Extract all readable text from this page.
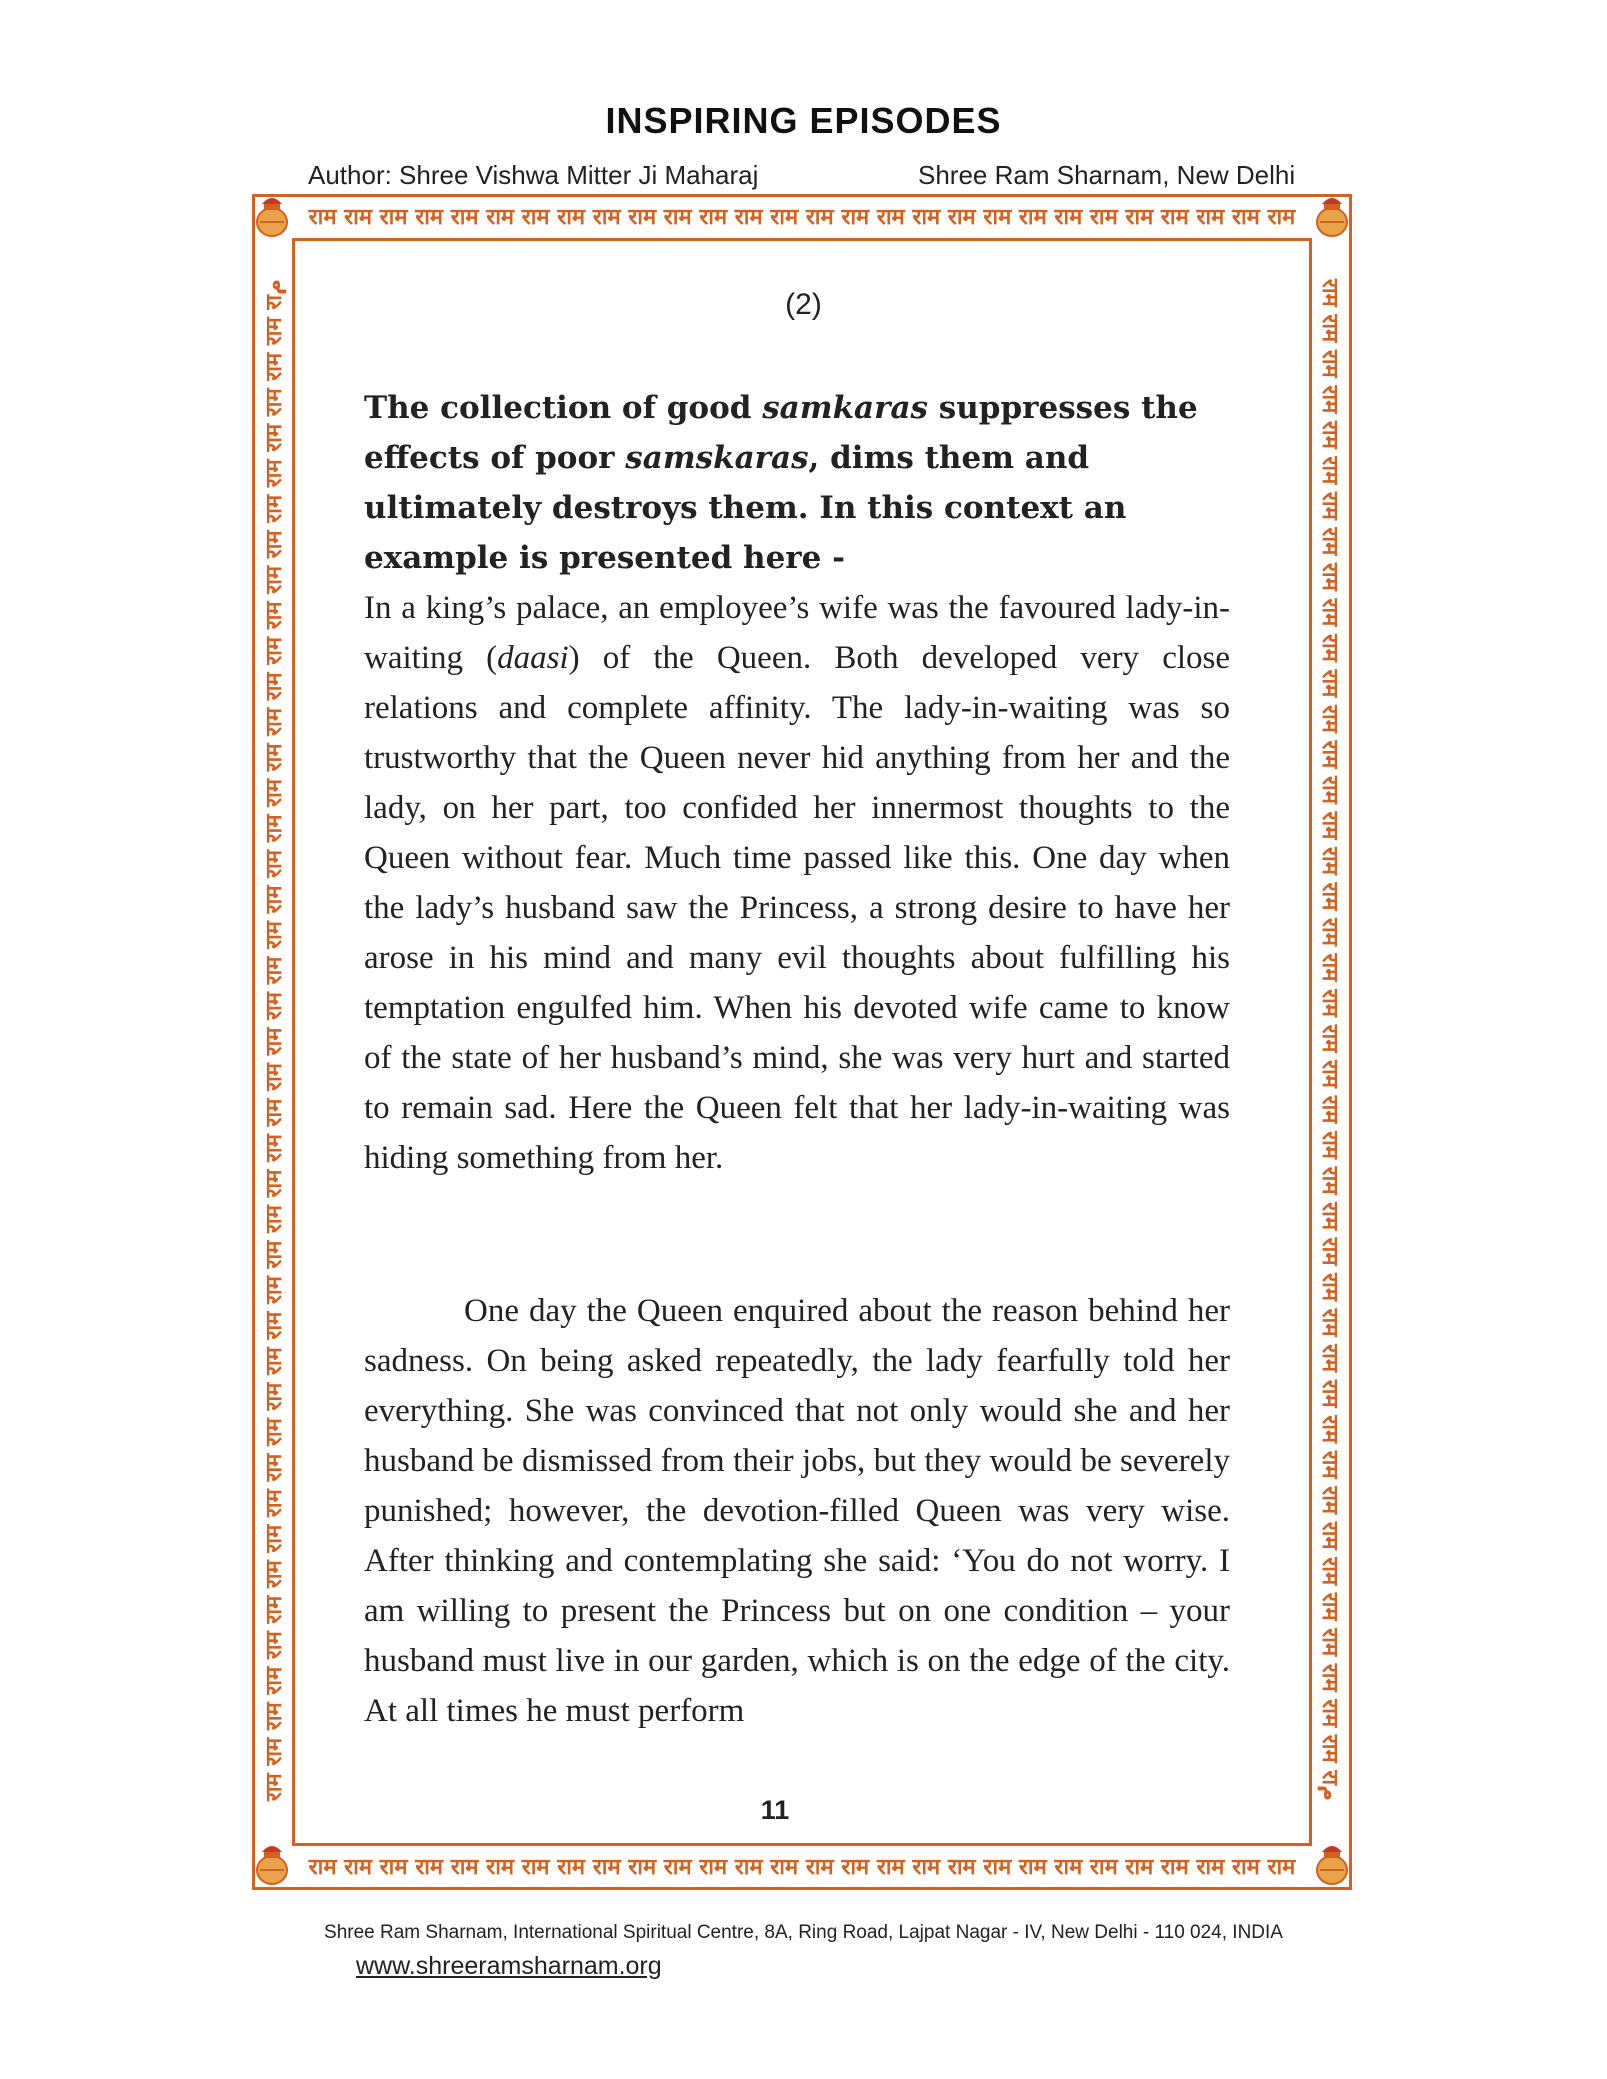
INSPIRING EPISODES
Author: Shree Vishwa Mitter Ji Maharaj	Shree Ram Sharnam, New Delhi
राम राम राम राम राम राम राम राम राम राम राम राम राम राम राम राम राम राम राम राम राम राम राम राम राम राम राम राम
राम राम राम राम राम राम राम राम राम राम राम राम राम राम राम राम राम राम राम राम राम राम राम राम राम राम राम राम
राम राम राम राम राम राम राम राम राम राम राम राम राम राम राम राम राम राम राम राम राम राम राम राम राम राम राम राम राम राम राम राम राम राम राम राम राम राम राम राम राम राम राم	राम राम राम राम राम राम राम राम राम राम राम राम राम राम राम राम राम राम राम राम राम राम राम राम राम राम राम राम राम राम राम राम राम राम राम राम राम राम राम राम राम राम राم
(2)

The collection of good samkaras suppresses the effects of poor samskaras, dims them and ultimately destroys them. In this context an example is presented here -

In a king’s palace, an employee’s wife was the favoured lady-in-waiting (daasi) of the Queen. Both developed very close relations and complete affinity. The lady-in-waiting was so trustworthy that the Queen never hid anything from her and the lady, on her part, too confided her innermost thoughts to the Queen without fear. Much time passed like this. One day when the lady’s husband saw the Princess, a strong desire to have her arose in his mind and many evil thoughts about fulfilling his temptation engulfed him. When his devoted wife came to know of the state of her husband’s mind, she was very hurt and started to remain sad. Here the Queen felt that her lady-in-waiting was hiding something from her.

One day the Queen enquired about the reason behind her sadness. On being asked repeatedly, the lady fearfully told her everything. She was convinced that not only would she and her husband be dismissed from their jobs, but they would be severely punished; however, the devotion-filled Queen was very wise. After thinking and contemplating she said: ‘You do not worry. I am willing to present the Princess but on one condition – your husband must live in our garden, which is on the edge of the city. At all times he must perform

11
Shree Ram Sharnam, International Spiritual Centre, 8A, Ring Road, Lajpat Nagar - IV, New Delhi - 110 024, INDIA
www.shreeramsharnam.org
